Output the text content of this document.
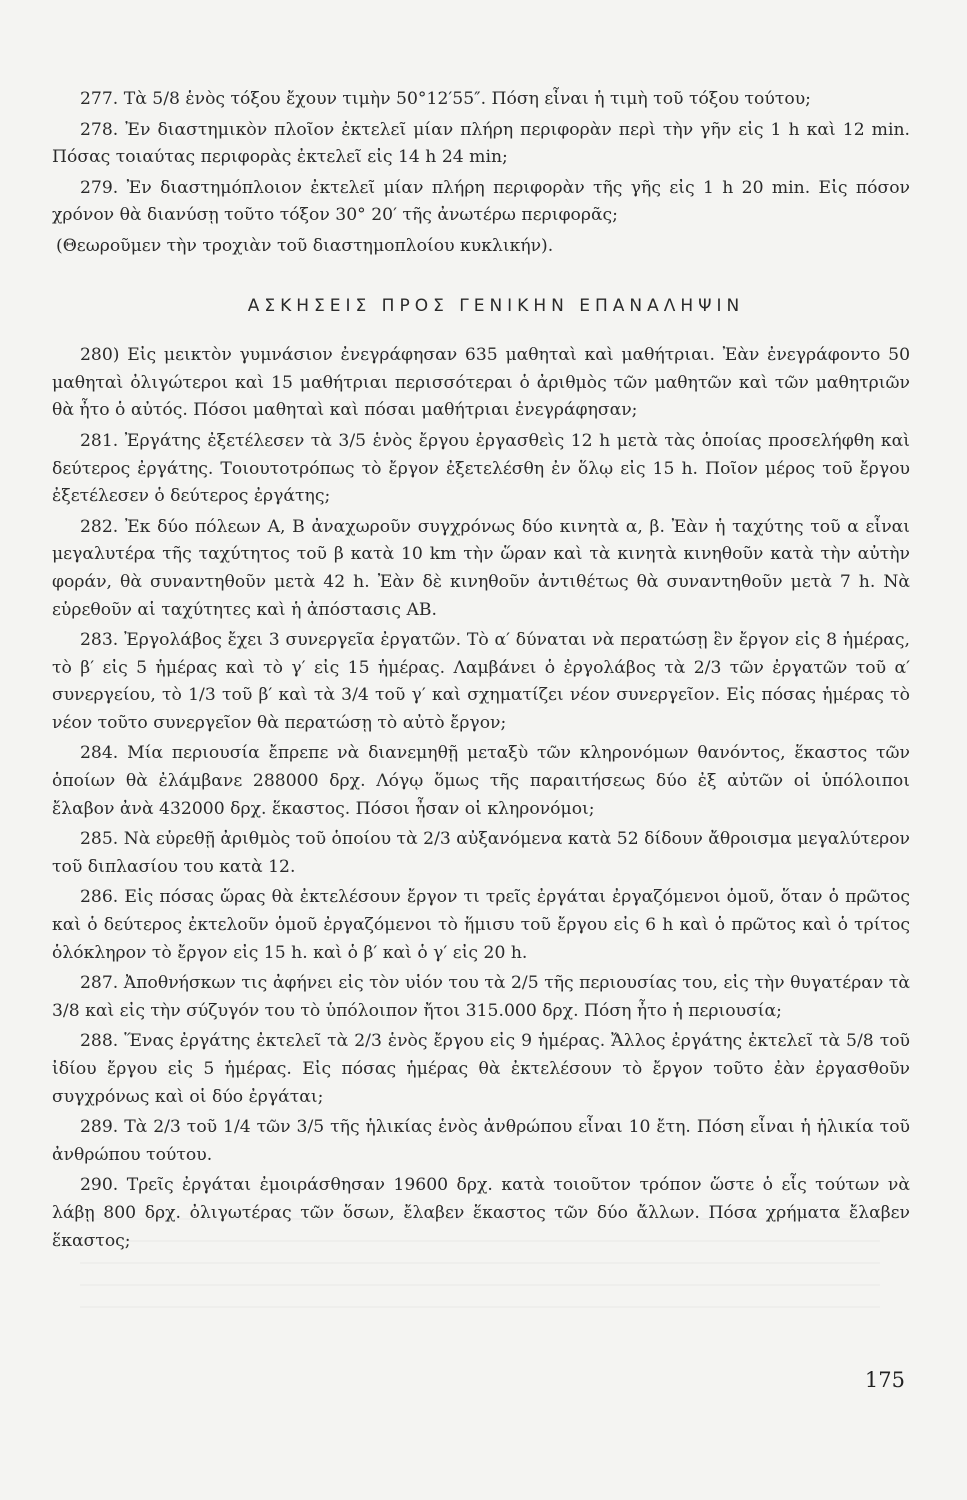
277. Τὰ 5/8 ἑνὸς τόξου ἔχουν τιμὴν 50°12′55″. Πόση εἶναι ἡ τιμὴ τοῦ τόξου τούτου;

278. Ἐν διαστημικὸν πλοῖον ἐκτελεῖ μίαν πλήρη περιφορὰν περὶ τὴν γῆν εἰς 1 h καὶ 12 min. Πόσας τοιαύτας περιφορὰς ἐκτελεῖ εἰς 14 h 24 min;

279. Ἐν διαστημόπλοιον ἐκτελεῖ μίαν πλήρη περιφορὰν τῆς γῆς εἰς 1 h 20 min. Εἰς πόσον χρόνον θὰ διανύσῃ τοῦτο τόξον 30° 20′ τῆς ἀνωτέρω περιφορᾶς;

(Θεωροῦμεν τὴν τροχιὰν τοῦ διαστημοπλοίου κυκλικήν).

ΑΣΚΗΣΕΙΣ ΠΡΟΣ ΓΕΝΙΚΗΝ ΕΠΑΝΑΛΗΨΙΝ

280) Εἰς μεικτὸν γυμνάσιον ἐνεγράφησαν 635 μαθηταὶ καὶ μαθήτριαι. Ἐὰν ἐνεγράφοντο 50 μαθηταὶ ὀλιγώτεροι καὶ 15 μαθήτριαι περισσότεραι ὁ ἀριθμὸς τῶν μαθητῶν καὶ τῶν μαθητριῶν θὰ ἦτο ὁ αὐτός. Πόσοι μαθηταὶ καὶ πόσαι μαθήτριαι ἐνεγράφησαν;

281. Ἐργάτης ἐξετέλεσεν τὰ 3/5 ἑνὸς ἔργου ἐργασθεὶς 12 h μετὰ τὰς ὁποίας προσελήφθη καὶ δεύτερος ἐργάτης. Τοιουτοτρόπως τὸ ἔργον ἐξετελέσθη ἐν ὅλῳ εἰς 15 h. Ποῖον μέρος τοῦ ἔργου ἐξετέλεσεν ὁ δεύτερος ἐργάτης;

282. Ἐκ δύο πόλεων Α, Β ἀναχωροῦν συγχρόνως δύο κινητὰ α, β. Ἐὰν ἡ ταχύτης τοῦ α εἶναι μεγαλυτέρα τῆς ταχύτητος τοῦ β κατὰ 10 km τὴν ὥραν καὶ τὰ κινητὰ κινηθοῦν κατὰ τὴν αὐτὴν φοράν, θὰ συναντηθοῦν μετὰ 42 h. Ἐὰν δὲ κινηθοῦν ἀντιθέτως θὰ συναντηθοῦν μετὰ 7 h. Νὰ εὑρεθοῦν αἱ ταχύτητες καὶ ἡ ἀπόστασις ΑΒ.

283. Ἐργολάβος ἔχει 3 συνεργεῖα ἐργατῶν. Τὸ α′ δύναται νὰ περατώσῃ ἓν ἔργον εἰς 8 ἡμέρας, τὸ β′ εἰς 5 ἡμέρας καὶ τὸ γ′ εἰς 15 ἡμέρας. Λαμβάνει ὁ ἐργολάβος τὰ 2/3 τῶν ἐργατῶν τοῦ α′ συνεργείου, τὸ 1/3 τοῦ β′ καὶ τὰ 3/4 τοῦ γ′ καὶ σχηματίζει νέον συνεργεῖον. Εἰς πόσας ἡμέρας τὸ νέον τοῦτο συνεργεῖον θὰ περατώσῃ τὸ αὐτὸ ἔργον;

284. Μία περιουσία ἔπρεπε νὰ διανεμηθῇ μεταξὺ τῶν κληρονόμων θανόντος, ἕκαστος τῶν ὁποίων θὰ ἐλάμβανε 288000 δρχ. Λόγῳ ὅμως τῆς παραιτήσεως δύο ἐξ αὐτῶν οἱ ὑπόλοιποι ἔλαβον ἀνὰ 432000 δρχ. ἕκαστος. Πόσοι ἦσαν οἱ κληρονόμοι;

285. Νὰ εὑρεθῇ ἀριθμὸς τοῦ ὁποίου τὰ 2/3 αὐξανόμενα κατὰ 52 δίδουν ἄθροισμα μεγαλύτερον τοῦ διπλασίου του κατὰ 12.

286. Εἰς πόσας ὥρας θὰ ἐκτελέσουν ἔργον τι τρεῖς ἐργάται ἐργαζόμενοι ὁμοῦ, ὅταν ὁ πρῶτος καὶ ὁ δεύτερος ἐκτελοῦν ὁμοῦ ἐργαζόμενοι τὸ ἥμισυ τοῦ ἔργου εἰς 6 h καὶ ὁ πρῶτος καὶ ὁ τρίτος ὁλόκληρον τὸ ἔργον εἰς 15 h. καὶ ὁ β′ καὶ ὁ γ′ εἰς 20 h.

287. Ἀποθνήσκων τις ἀφήνει εἰς τὸν υἱόν του τὰ 2/5 τῆς περιουσίας του, εἰς τὴν θυγατέραν τὰ 3/8 καὶ εἰς τὴν σύζυγόν του τὸ ὑπόλοιπον ἤτοι 315.000 δρχ. Πόση ἦτο ἡ περιουσία;

288. Ἕνας ἐργάτης ἐκτελεῖ τὰ 2/3 ἑνὸς ἔργου εἰς 9 ἡμέρας. Ἄλλος ἐργάτης ἐκτελεῖ τὰ 5/8 τοῦ ἰδίου ἔργου εἰς 5 ἡμέρας. Εἰς πόσας ἡμέρας θὰ ἐκτελέσουν τὸ ἔργον τοῦτο ἐὰν ἐργασθοῦν συγχρόνως καὶ οἱ δύο ἐργάται;

289. Τὰ 2/3 τοῦ 1/4 τῶν 3/5 τῆς ἡλικίας ἑνὸς ἀνθρώπου εἶναι 10 ἔτη. Πόση εἶναι ἡ ἡλικία τοῦ ἀνθρώπου τούτου.

290. Τρεῖς ἐργάται ἐμοιράσθησαν 19600 δρχ. κατὰ τοιοῦτον τρόπον ὥστε ὁ εἷς τούτων νὰ λάβῃ 800 δρχ. ὀλιγωτέρας τῶν ὅσων, ἔλαβεν ἕκαστος τῶν δύο ἄλλων. Πόσα χρήματα ἔλαβεν ἕκαστος;

175
